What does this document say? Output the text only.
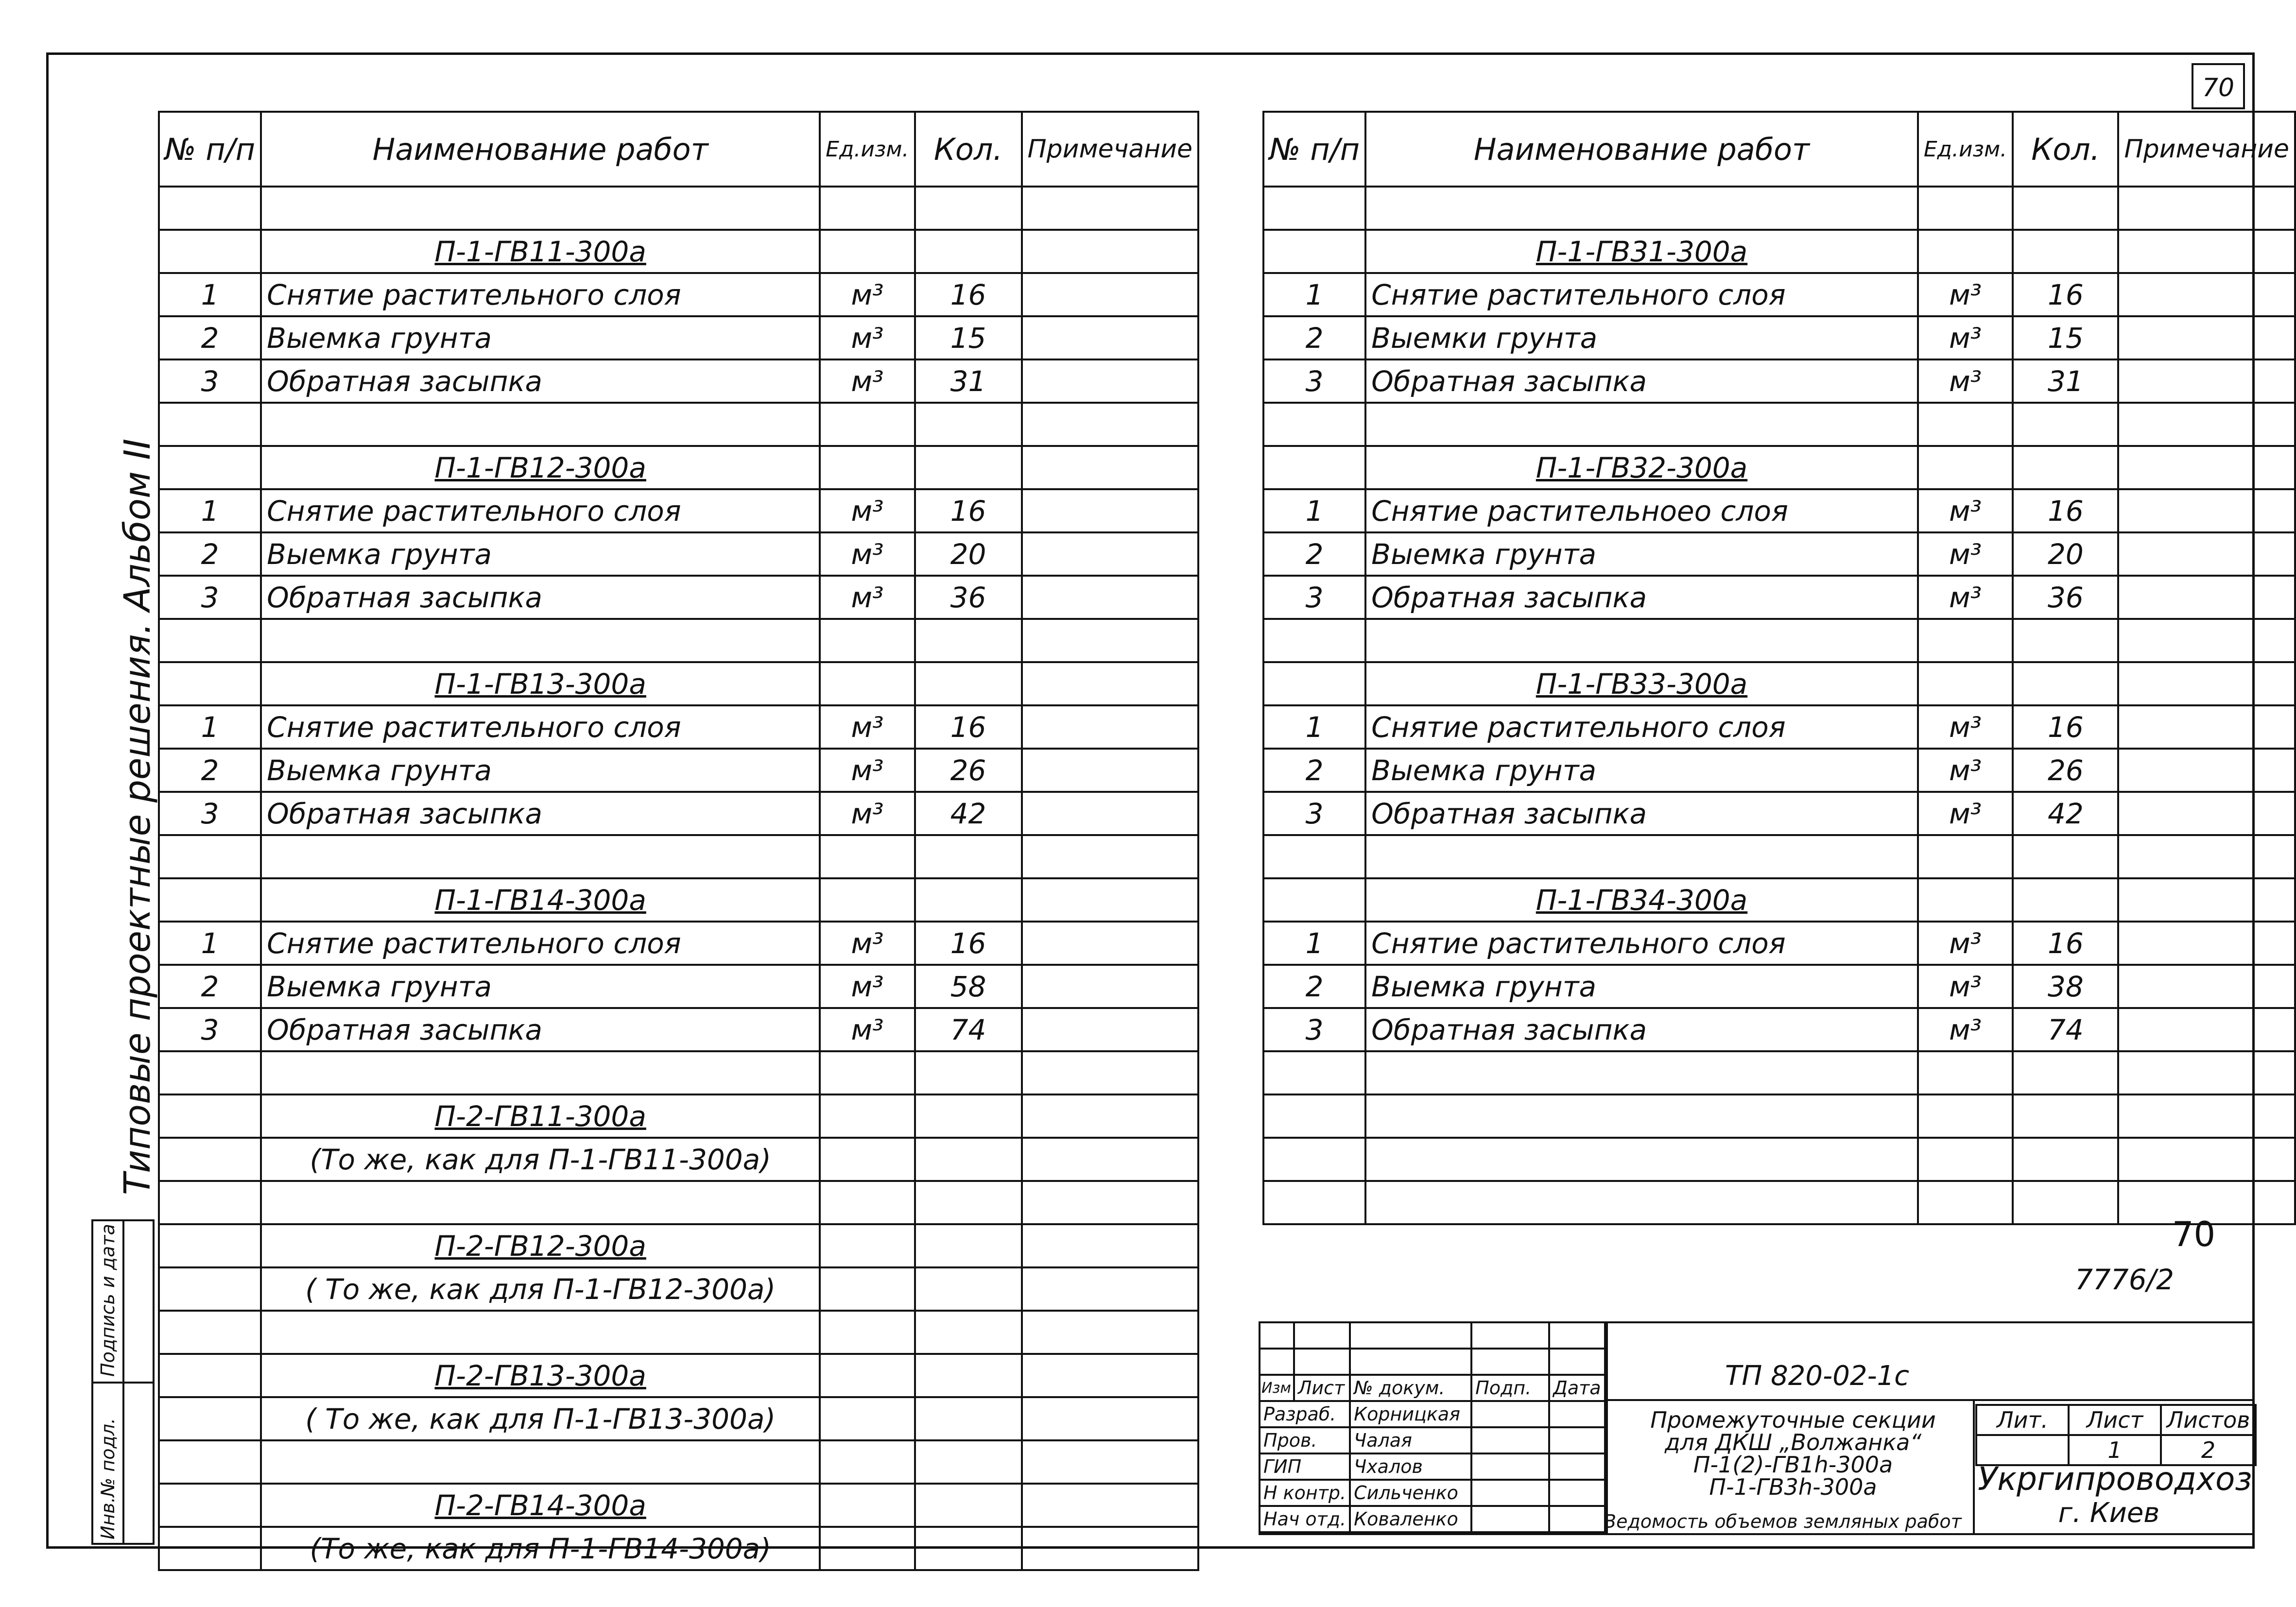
70
Типовые проектные решения. Альбом II
Инв.№ подл.
Подпись и дата
№ п/п	Наименование работ	Ед.изм.	Кол.	Примечание

	П-1-ГВ11-300а			
1	Снятие растительного слоя	м³	16	
2	Выемка грунта	м³	15	
3	Обратная засыпка	м³	31	

	П-1-ГВ12-300а			
1	Снятие растительного слоя	м³	16	
2	Выемка грунта	м³	20	
3	Обратная засыпка	м³	36	

	П-1-ГВ13-300а			
1	Снятие растительного слоя	м³	16	
2	Выемка грунта	м³	26	
3	Обратная засыпка	м³	42	

	П-1-ГВ14-300а			
1	Снятие растительного слоя	м³	16	
2	Выемка грунта	м³	58	
3	Обратная засыпка	м³	74	

	П-2-ГВ11-300а			
	(То же, как для П-1-ГВ11-300а)			

	П-2-ГВ12-300а			
	( То же, как для П-1-ГВ12-300а)			

	П-2-ГВ13-300а			
	( То же, как для П-1-ГВ13-300а)			

	П-2-ГВ14-300а			
	(То же, как для П-1-ГВ14-300а)			
№ п/п	Наименование работ	Ед.изм.	Кол.	Примечание

	П-1-ГВ31-300а			
1	Снятие растительного слоя	м³	16	
2	Выемки грунта	м³	15	
3	Обратная засыпка	м³	31	

	П-1-ГВ32-300а			
1	Снятие растительноео слоя	м³	16	
2	Выемка грунта	м³	20	
3	Обратная засыпка	м³	36	

	П-1-ГВ33-300а			
1	Снятие растительного слоя	м³	16	
2	Выемка грунта	м³	26	
3	Обратная засыпка	м³	42	

	П-1-ГВ34-300а			
1	Снятие растительного слоя	м³	16	
2	Выемка грунта	м³	38	
3	Обратная засыпка	м³	74	

70
7776/2

Изм	Лист	№ докум.	Подп.	Дата
Разраб.		Корницкая		
Пров.		Чалая		
ГИП		Чхалов		
Н контр.		Сильченко		
Нач отд.		Коваленко		
ТП 820-02-1с
Промежуточные секции
для ДКШ „Волжанка“
П-1(2)-ГВ1h-300а
П-1-ГВ3h-300а
Ведомость объемов земляных работ
Лит.	Лист	Листов
	1	2
Укргипроводхоз
г. Киев
